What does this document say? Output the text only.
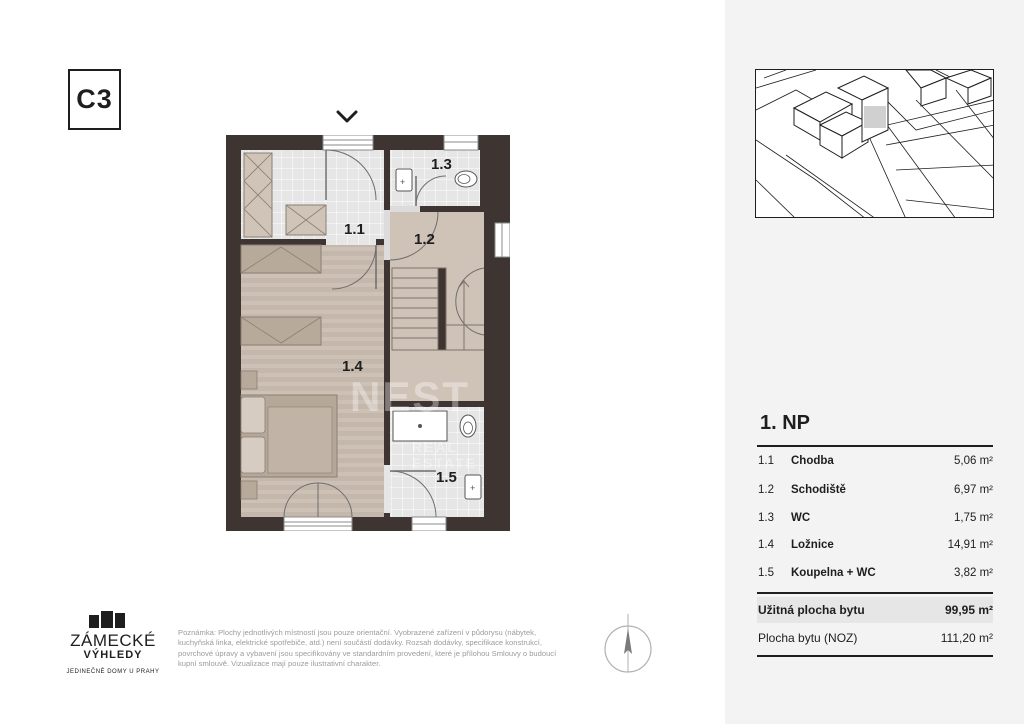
C3
+
+
NEST
REAL ESTATE
1.1
1.2
1.3
1.4
1.5
ZÁMECKÉ
VÝHLEDY
JEDINEČNÉ DOMY U PRAHY
Poznámka: Plochy jednotlivých místností jsou pouze orientační. Vyobrazené zařízení v půdorysu (nábytek, kuchyňská linka, elektrické spotřebiče, atd.) není součástí dodávky. Rozsah dodávky, specifikace konstrukcí, povrchové úpravy a vybavení jsou specifikovány ve standardním provedení, které je přílohou Smlouvy o budoucí kupní smlouvě. Vizualizace mají pouze ilustrativní charakter.
1. NP
1.1 Chodba	5,06 m²
1.2 Schodiště	6,97 m²
1.3 WC	1,75 m²
1.4 Ložnice	14,91 m²
1.5 Koupelna + WC	3,82 m²
Užitná plocha bytu	99,95 m²
Plocha bytu (NOZ)	111,20 m²
